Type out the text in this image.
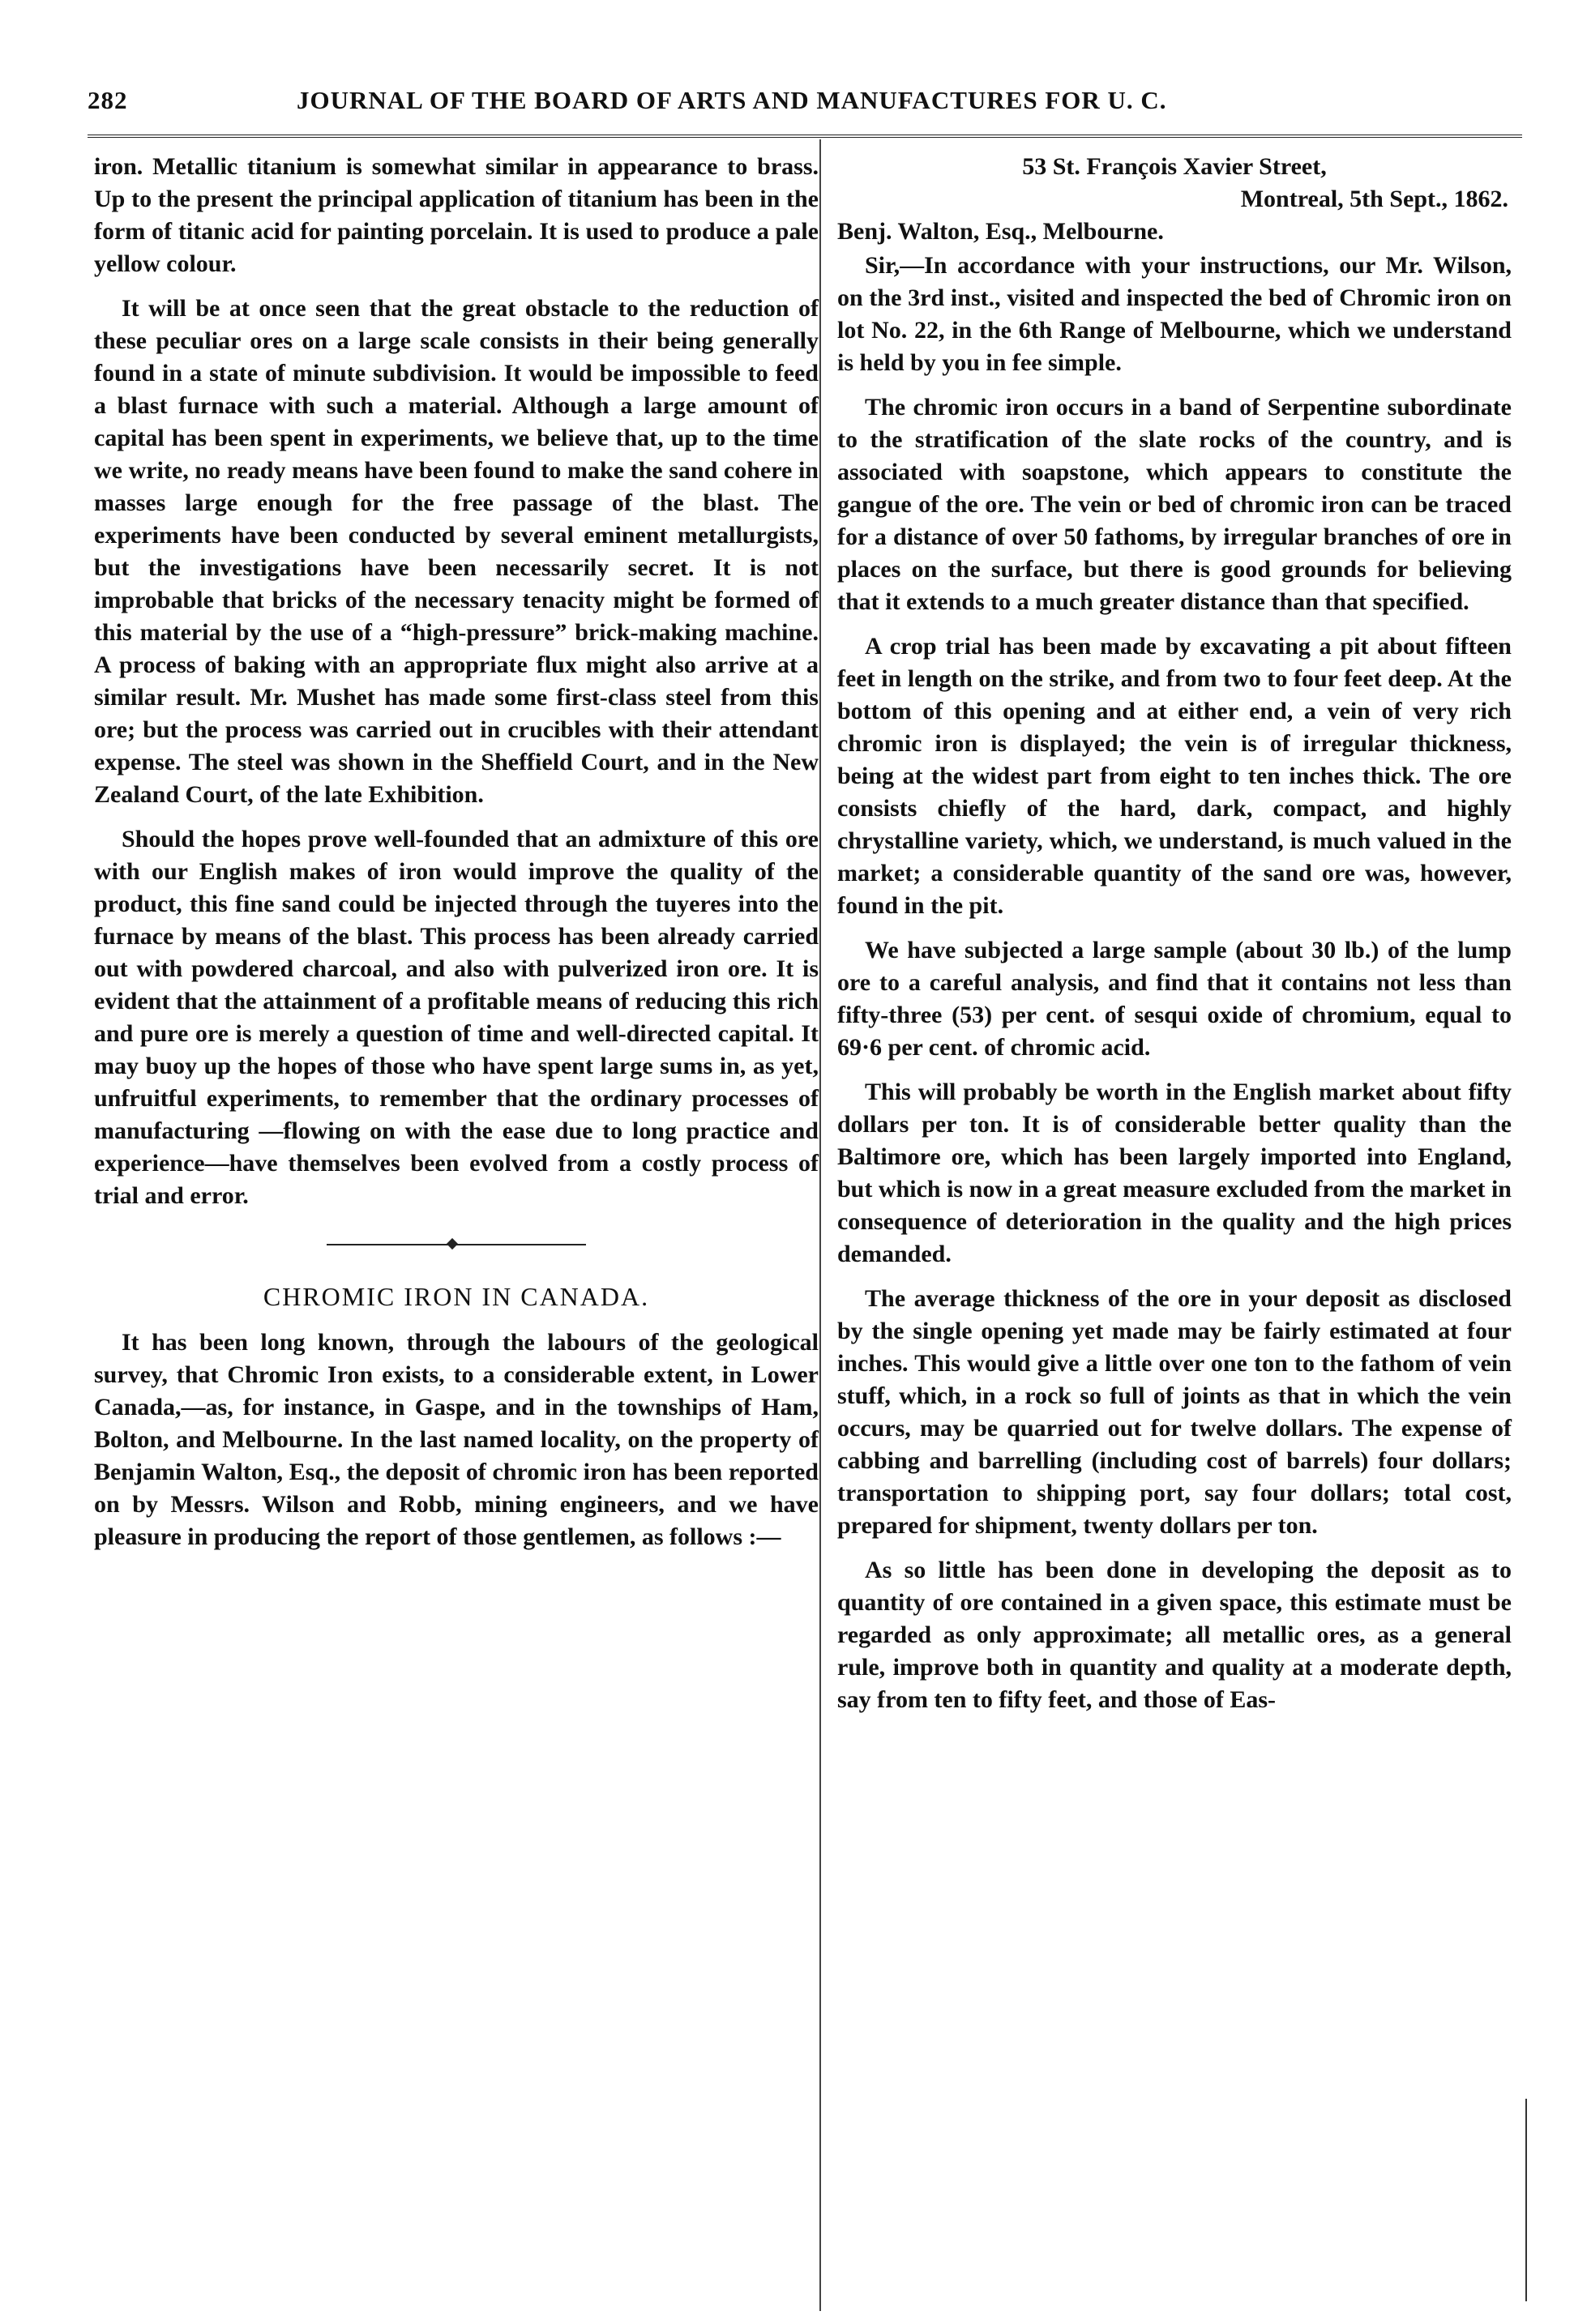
282	JOURNAL OF THE BOARD OF ARTS AND MANUFACTURES FOR U. C.

iron. Metallic titanium is somewhat similar in appearance to brass. Up to the present the principal application of titanium has been in the form of titanic acid for painting porcelain. It is used to produce a pale yellow colour.

It will be at once seen that the great obstacle to the reduction of these peculiar ores on a large scale consists in their being generally found in a state of minute subdivision. It would be impossible to feed a blast furnace with such a material. Although a large amount of capital has been spent in experiments, we believe that, up to the time we write, no ready means have been found to make the sand cohere in masses large enough for the free passage of the blast. The experiments have been conducted by several eminent metallurgists, but the investigations have been necessarily secret. It is not improbable that bricks of the necessary tenacity might be formed of this material by the use of a “high-pressure” brick-making machine. A process of baking with an appropriate flux might also arrive at a similar result. Mr. Mushet has made some first-class steel from this ore; but the process was carried out in crucibles with their attendant expense. The steel was shown in the Sheffield Court, and in the New Zealand Court, of the late Exhibition.

Should the hopes prove well-founded that an admixture of this ore with our English makes of iron would improve the quality of the product, this fine sand could be injected through the tuyeres into the furnace by means of the blast. This process has been already carried out with powdered charcoal, and also with pulverized iron ore. It is evident that the attainment of a profitable means of reducing this rich and pure ore is merely a question of time and well-directed capital. It may buoy up the hopes of those who have spent large sums in, as yet, unfruitful experiments, to remember that the ordinary processes of manufacturing —flowing on with the ease due to long practice and experience—have themselves been evolved from a costly process of trial and error.

CHROMIC IRON IN CANADA.

It has been long known, through the labours of the geological survey, that Chromic Iron exists, to a considerable extent, in Lower Canada,—as, for instance, in Gaspe, and in the townships of Ham, Bolton, and Melbourne. In the last named locality, on the property of Benjamin Walton, Esq., the deposit of chromic iron has been reported on by Messrs. Wilson and Robb, mining engineers, and we have pleasure in producing the report of those gentlemen, as follows :—

53 St. François Xavier Street,
Montreal, 5th Sept., 1862.
Benj. Walton, Esq., Melbourne.

Sir,—In accordance with your instructions, our Mr. Wilson, on the 3rd inst., visited and inspected the bed of Chromic iron on lot No. 22, in the 6th Range of Melbourne, which we understand is held by you in fee simple.

The chromic iron occurs in a band of Serpentine subordinate to the stratification of the slate rocks of the country, and is associated with soapstone, which appears to constitute the gangue of the ore. The vein or bed of chromic iron can be traced for a distance of over 50 fathoms, by irregular branches of ore in places on the surface, but there is good grounds for believing that it extends to a much greater distance than that specified.

A crop trial has been made by excavating a pit about fifteen feet in length on the strike, and from two to four feet deep. At the bottom of this opening and at either end, a vein of very rich chromic iron is displayed; the vein is of irregular thickness, being at the widest part from eight to ten inches thick. The ore consists chiefly of the hard, dark, compact, and highly chrystalline variety, which, we understand, is much valued in the market; a considerable quantity of the sand ore was, however, found in the pit.

We have subjected a large sample (about 30 lb.) of the lump ore to a careful analysis, and find that it contains not less than fifty-three (53) per cent. of sesqui oxide of chromium, equal to 69·6 per cent. of chromic acid.

This will probably be worth in the English market about fifty dollars per ton. It is of considerable better quality than the Baltimore ore, which has been largely imported into England, but which is now in a great measure excluded from the market in consequence of deterioration in the quality and the high prices demanded.

The average thickness of the ore in your deposit as disclosed by the single opening yet made may be fairly estimated at four inches. This would give a little over one ton to the fathom of vein stuff, which, in a rock so full of joints as that in which the vein occurs, may be quarried out for twelve dollars. The expense of cabbing and barrelling (including cost of barrels) four dollars; transportation to shipping port, say four dollars; total cost, prepared for shipment, twenty dollars per ton.

As so little has been done in developing the deposit as to quantity of ore contained in a given space, this estimate must be regarded as only approximate; all metallic ores, as a general rule, improve both in quantity and quality at a moderate depth, say from ten to fifty feet, and those of Eas-
